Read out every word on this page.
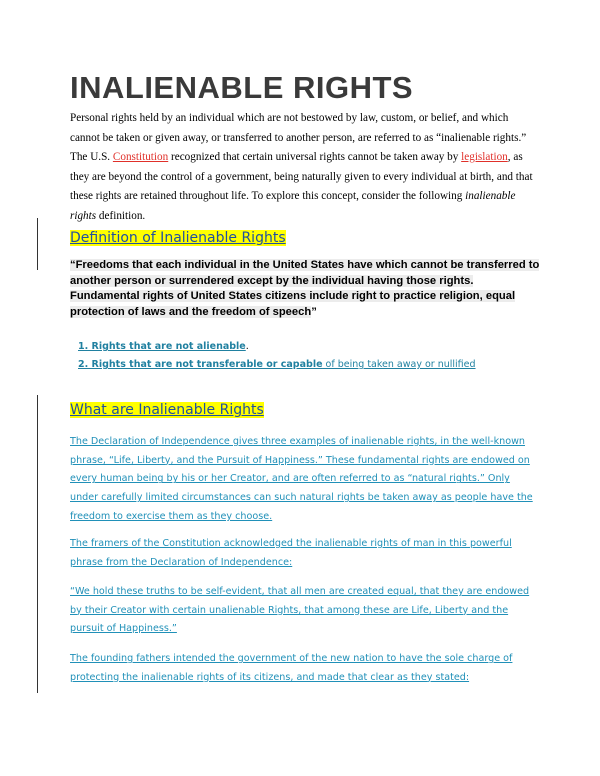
INALIENABLE RIGHTS
Personal rights held by an individual which are not bestowed by law, custom, or belief, and which cannot be taken or given away, or transferred to another person, are referred to as “inalienable rights.” The U.S. Constitution recognized that certain universal rights cannot be taken away by legislation, as they are beyond the control of a government, being naturally given to every individual at birth, and that these rights are retained throughout life. To explore this concept, consider the following inalienable rights definition.
Definition of Inalienable Rights
“Freedoms that each individual in the United States have which cannot be transferred to another person or surrendered except by the individual having those rights. Fundamental rights of United States citizens include right to practice religion, equal protection of laws and the freedom of speech”
1. Rights that are not alienable.
2. Rights that are not transferable or capable of being taken away or nullified
What are Inalienable Rights
The Declaration of Independence gives three examples of inalienable rights, in the well-known phrase, “Life, Liberty, and the Pursuit of Happiness.” These fundamental rights are endowed on every human being by his or her Creator, and are often referred to as “natural rights.” Only under carefully limited circumstances can such natural rights be taken away as people have the freedom to exercise them as they choose.
The framers of the Constitution acknowledged the inalienable rights of man in this powerful phrase from the Declaration of Independence:
“We hold these truths to be self-evident, that all men are created equal, that they are endowed by their Creator with certain unalienable Rights, that among these are Life, Liberty and the pursuit of Happiness.”
The founding fathers intended the government of the new nation to have the sole charge of protecting the inalienable rights of its citizens, and made that clear as they stated:
